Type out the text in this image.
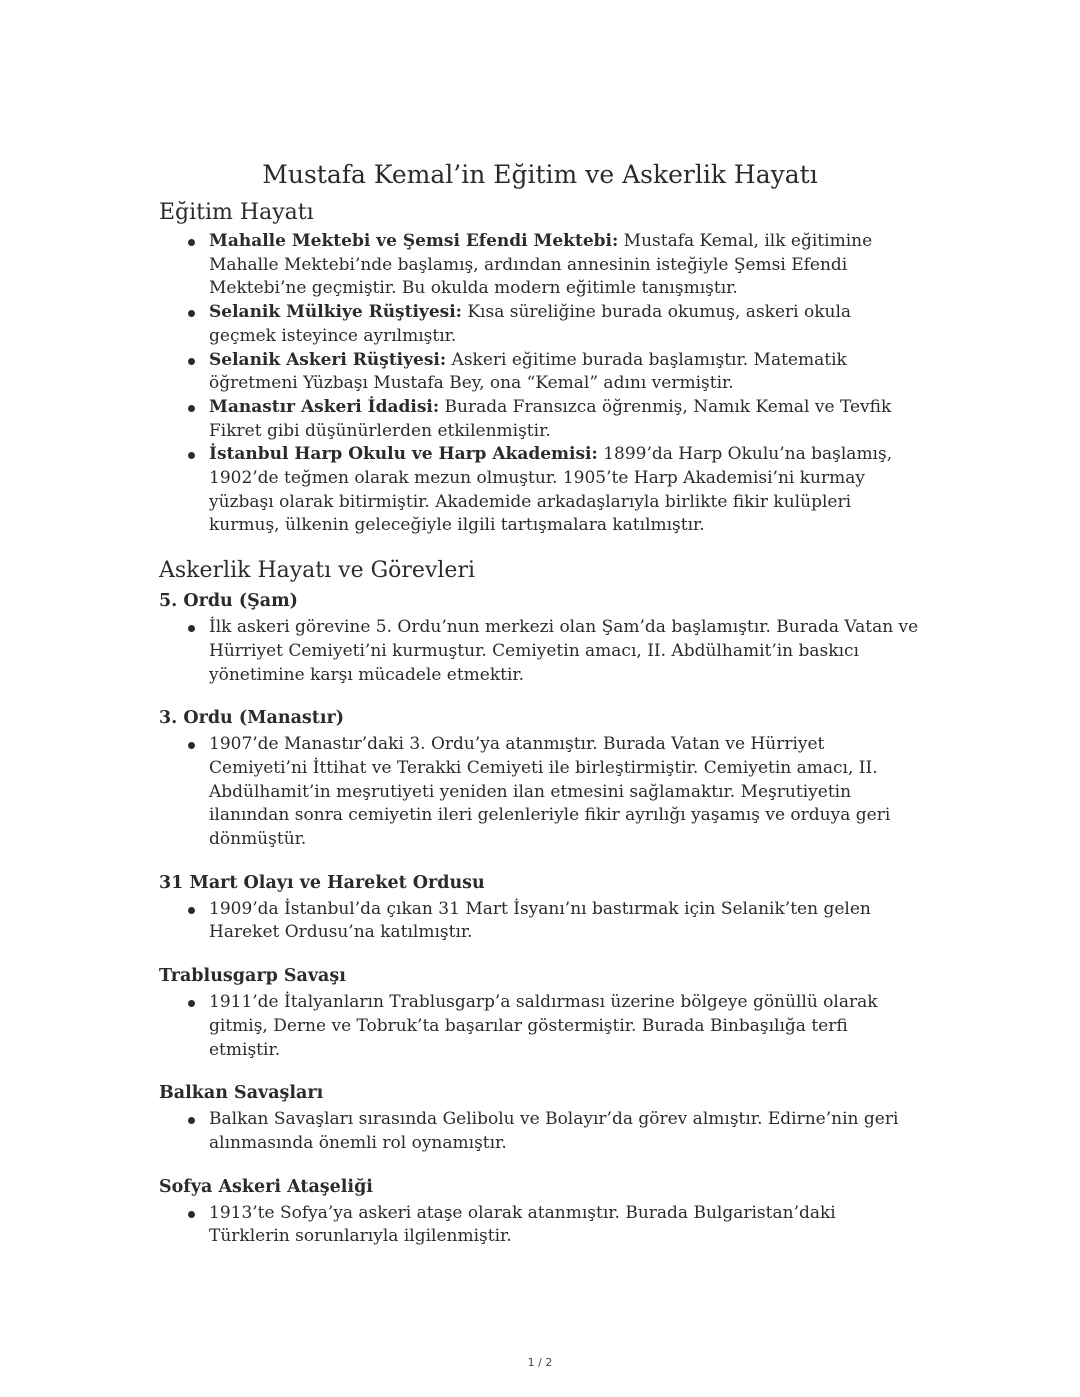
Mustafa Kemal’in Eğitim ve Askerlik Hayatı
Eğitim Hayatı
Mahalle Mektebi ve Şemsi Efendi Mektebi: Mustafa Kemal, ilk eğitimine Mahalle Mektebi’nde başlamış, ardından annesinin isteğiyle Şemsi Efendi Mektebi’ne geçmiştir. Bu okulda modern eğitimle tanışmıştır.
Selanik Mülkiye Rüştiyesi: Kısa süreliğine burada okumuş, askeri okula geçmek isteyince ayrılmıştır.
Selanik Askeri Rüştiyesi: Askeri eğitime burada başlamıştır. Matematik öğretmeni Yüzbaşı Mustafa Bey, ona “Kemal” adını vermiştir.
Manastır Askeri İdadisi: Burada Fransızca öğrenmiş, Namık Kemal ve Tevfik Fikret gibi düşünürlerden etkilenmiştir.
İstanbul Harp Okulu ve Harp Akademisi: 1899’da Harp Okulu’na başlamış, 1902’de teğmen olarak mezun olmuştur. 1905’te Harp Akademisi’ni kurmay yüzbaşı olarak bitirmiştir. Akademide arkadaşlarıyla birlikte fikir kulüpleri kurmuş, ülkenin geleceğiyle ilgili tartışmalara katılmıştır.
Askerlik Hayatı ve Görevleri
5. Ordu (Şam)
İlk askeri görevine 5. Ordu’nun merkezi olan Şam’da başlamıştır. Burada Vatan ve Hürriyet Cemiyeti’ni kurmuştur. Cemiyetin amacı, II. Abdülhamit’in baskıcı yönetimine karşı mücadele etmektir.
3. Ordu (Manastır)
1907’de Manastır’daki 3. Ordu’ya atanmıştır. Burada Vatan ve Hürriyet Cemiyeti’ni İttihat ve Terakki Cemiyeti ile birleştirmiştir. Cemiyetin amacı, II. Abdülhamit’in meşrutiyeti yeniden ilan etmesini sağlamaktır. Meşrutiyetin ilanından sonra cemiyetin ileri gelenleriyle fikir ayrılığı yaşamış ve orduya geri dönmüştür.
31 Mart Olayı ve Hareket Ordusu
1909’da İstanbul’da çıkan 31 Mart İsyanı’nı bastırmak için Selanik’ten gelen Hareket Ordusu’na katılmıştır.
Trablusgarp Savaşı
1911’de İtalyanların Trablusgarp’a saldırması üzerine bölgeye gönüllü olarak gitmiş, Derne ve Tobruk’ta başarılar göstermiştir. Burada Binbaşılığa terfi etmiştir.
Balkan Savaşları
Balkan Savaşları sırasında Gelibolu ve Bolayır’da görev almıştır. Edirne’nin geri alınmasında önemli rol oynamıştır.
Sofya Askeri Ataşeliği
1913’te Sofya’ya askeri ataşe olarak atanmıştır. Burada Bulgaristan’daki Türklerin sorunlarıyla ilgilenmiştir.
1 / 2
